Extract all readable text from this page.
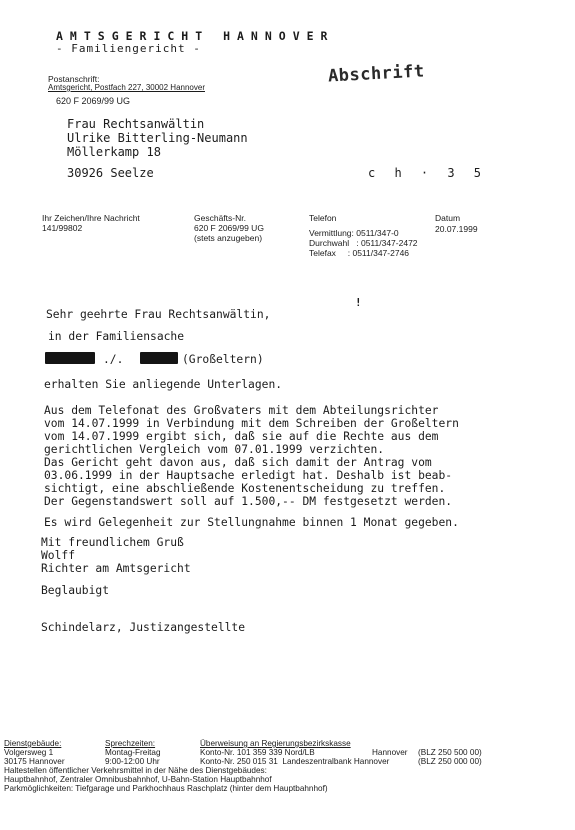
AMTSGERICHT HANNOVER
- Familiengericht -
Abschrift
Postanschrift:
Amtsgericht, Postfach 227, 30002 Hannover
620 F 2069/99 UG
Frau Rechtsanwältin
Ulrike Bitterling-Neumann
Möllerkamp 18
30926 Seelze	c h · 3 5
Ihr Zeichen/Ihre Nachricht
141/99802
Geschäfts-Nr.
620 F 2069/99 UG
(stets anzugeben)
Telefon
Vermittlung: 0511/347-0
Durchwahl   : 0511/347-2472
Telefax     : 0511/347-2746
Datum
20.07.1999
!
Sehr geehrte Frau Rechtsanwältin,
in der Familiensache
./.	(Großeltern)
erhalten Sie anliegende Unterlagen.
Aus dem Telefonat des Großvaters mit dem Abteilungsrichter
vom 14.07.1999 in Verbindung mit dem Schreiben der Großeltern
vom 14.07.1999 ergibt sich, daß sie auf die Rechte aus dem
gerichtlichen Vergleich vom 07.01.1999 verzichten.
Das Gericht geht davon aus, daß sich damit der Antrag vom
03.06.1999 in der Hauptsache erledigt hat. Deshalb ist beab-
sichtigt, eine abschließende Kostenentscheidung zu treffen.
Der Gegenstandswert soll auf 1.500,-- DM festgesetzt werden.
Es wird Gelegenheit zur Stellungnahme binnen 1 Monat gegeben.
Mit freundlichem Gruß
Wolff
Richter am Amtsgericht
Beglaubigt
Schindelarz, Justizangestellte
Dienstgebäude:
Volgersweg 1
30175 Hannover
Sprechzeiten:
Montag-Freitag
9:00-12:00 Uhr
Überweisung an Regierungsbezirkskasse
Konto-Nr. 101 359 339 Nord/LB	Hannover (BLZ 250 500 00)
Konto-Nr. 250 015 31  Landeszentralbank Hannover	(BLZ 250 000 00)
Haltestellen öffentlicher Verkehrsmittel in der Nähe des Dienstgebäudes:
Hauptbahnhof, Zentraler Omnibusbahnhof, U-Bahn-Station Hauptbahnhof
Parkmöglichkeiten: Tiefgarage und Parkhochhaus Raschplatz (hinter dem Hauptbahnhof)
